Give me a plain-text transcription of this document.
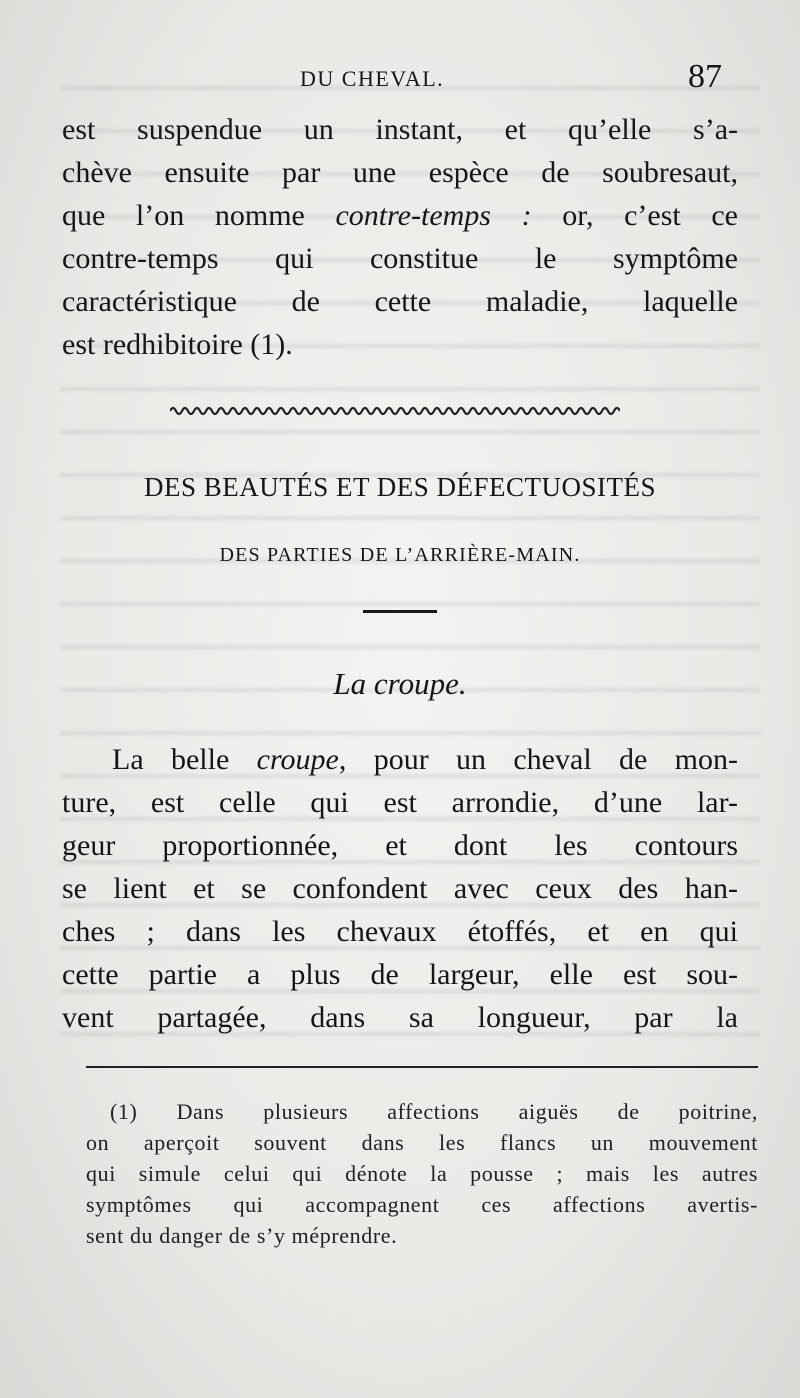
DU CHEVAL.	87
est suspendue un instant, et qu’elle s’a-
chève ensuite par une espèce de soubresaut,
que l’on nomme contre-temps : or, c’est ce
contre-temps qui constitue le symptôme
caractéristique de cette maladie, laquelle
est redhibitoire (1).
DES BEAUTÉS ET DES DÉFECTUOSITÉS
DES PARTIES DE L’ARRIÈRE-MAIN.
La croupe.
La belle croupe, pour un cheval de mon-
ture, est celle qui est arrondie, d’une lar-
geur proportionnée, et dont les contours
se lient et se confondent avec ceux des han-
ches ; dans les chevaux étoffés, et en qui
cette partie a plus de largeur, elle est sou-
vent partagée, dans sa longueur, par la
(1) Dans plusieurs affections aiguës de poitrine,
on aperçoit souvent dans les flancs un mouvement
qui simule celui qui dénote la pousse ; mais les autres
symptômes qui accompagnent ces affections avertis-
sent du danger de s’y méprendre.
